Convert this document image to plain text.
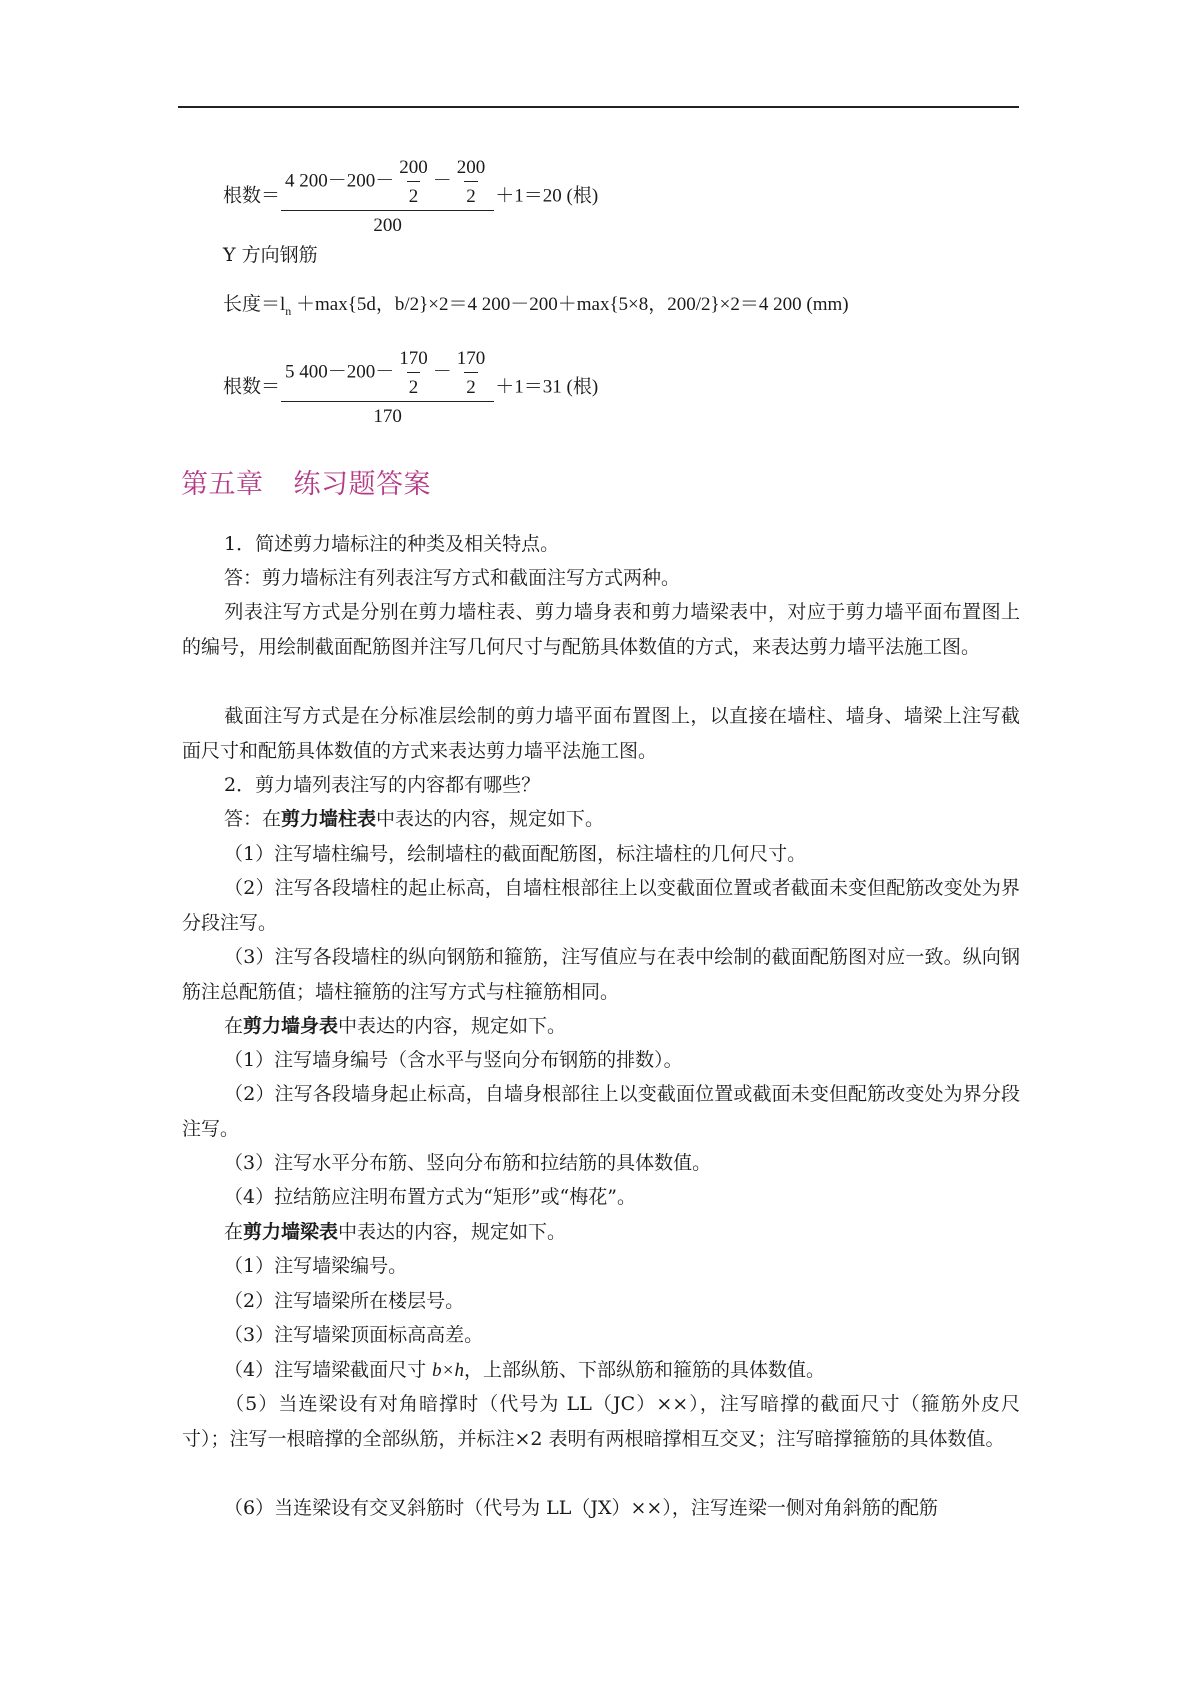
根数＝ $\frac{4 200-200- \frac{200}{2} - \frac{200}{2}}{200} +1=20$ (根)
Y 方向钢筋
长度$=l_n +\max\{5d$，b/2}×2＝4 200－200＋max{5×8，200/2}×2＝4 200 (mm)
根数＝ $\frac{5 400-200- \frac{170}{2} - \frac{170}{2}}{170} +1=31$ (根)
第五章 练习题答案

1．简述剪力墙标注的种类及相关特点。

答：剪力墙标注有列表注写方式和截面注写方式两种。

列表注写方式是分别在剪力墙柱表、剪力墙身表和剪力墙梁表中，对应于剪力墙平面布置图上的编号，用绘制截面配筋图并注写几何尺寸与配筋具体数值的方式，来表达剪力墙平法施工图。

截面注写方式是在分标准层绘制的剪力墙平面布置图上，以直接在墙柱、墙身、墙梁上注写截面尺寸和配筋具体数值的方式来表达剪力墙平法施工图。

2．剪力墙列表注写的内容都有哪些？

答：在剪力墙柱表中表达的内容，规定如下。

（1）注写墙柱编号，绘制墙柱的截面配筋图，标注墙柱的几何尺寸。

（2）注写各段墙柱的起止标高，自墙柱根部往上以变截面位置或者截面未变但配筋改变处为界分段注写。

（3）注写各段墙柱的纵向钢筋和箍筋，注写值应与在表中绘制的截面配筋图对应一致。纵向钢筋注总配筋值；墙柱箍筋的注写方式与柱箍筋相同。

在剪力墙身表中表达的内容，规定如下。

（1）注写墙身编号（含水平与竖向分布钢筋的排数）。

（2）注写各段墙身起止标高，自墙身根部往上以变截面位置或截面未变但配筋改变处为界分段注写。

（3）注写水平分布筋、竖向分布筋和拉结筋的具体数值。

（4）拉结筋应注明布置方式为“矩形”或“梅花”。

在剪力墙梁表中表达的内容，规定如下。

（1）注写墙梁编号。

（2）注写墙梁所在楼层号。

（3）注写墙梁顶面标高高差。

（4）注写墙梁截面尺寸 b×h，上部纵筋、下部纵筋和箍筋的具体数值。

（5）当连梁设有对角暗撑时（代号为 LL（JC）××），注写暗撑的截面尺寸（箍筋外皮尺寸）；注写一根暗撑的全部纵筋，并标注×2 表明有两根暗撑相互交叉；注写暗撑箍筋的具体数值。

（6）当连梁设有交叉斜筋时（代号为 LL（JX）××），注写连梁一侧对角斜筋的配筋
